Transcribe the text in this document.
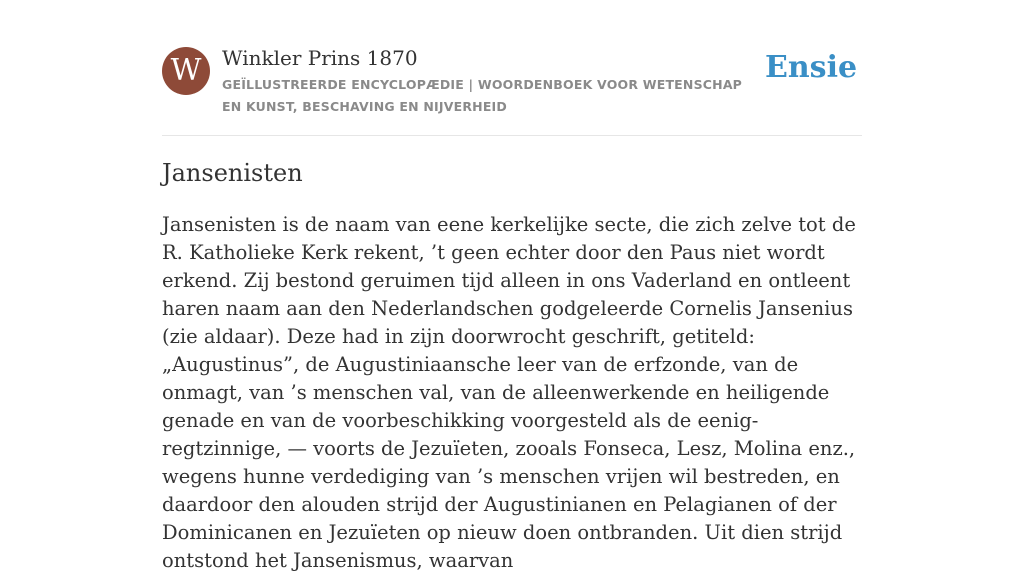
W	Winkler Prins 1870
GEÏLLUSTREERDE ENCYCLOPÆDIE | WOORDENBOEK VOOR WETENSCHAP EN KUNST, BESCHAVING EN NIJVERHEID
Ensie
Jansenisten

Jansenisten is de naam van eene kerkelijke secte, die zich zelve tot de R. Katholieke Kerk rekent, ’t geen echter door den Paus niet wordt erkend. Zij bestond geruimen tijd alleen in ons Vaderland en ontleent haren naam aan den Nederlandschen godgeleerde Cornelis Jansenius (zie aldaar). Deze had in zijn doorwrocht geschrift, getiteld: „Augustinus”, de Augustiniaansche leer van de erfzonde, van de onmagt, van ’s menschen val, van de alleenwerkende en heiligende genade en van de voorbeschikking voorgesteld als de eenig-regtzinnige, — voorts de Jezuïeten, zooals Fonseca, Lesz, Molina enz., wegens hunne verdediging van ’s menschen vrijen wil bestreden, en daardoor den alouden strijd der Augustinianen en Pelagianen of der Dominicanen en Jezuïeten op nieuw doen ontbranden. Uit dien strijd ontstond het Jansenismus, waarvan
